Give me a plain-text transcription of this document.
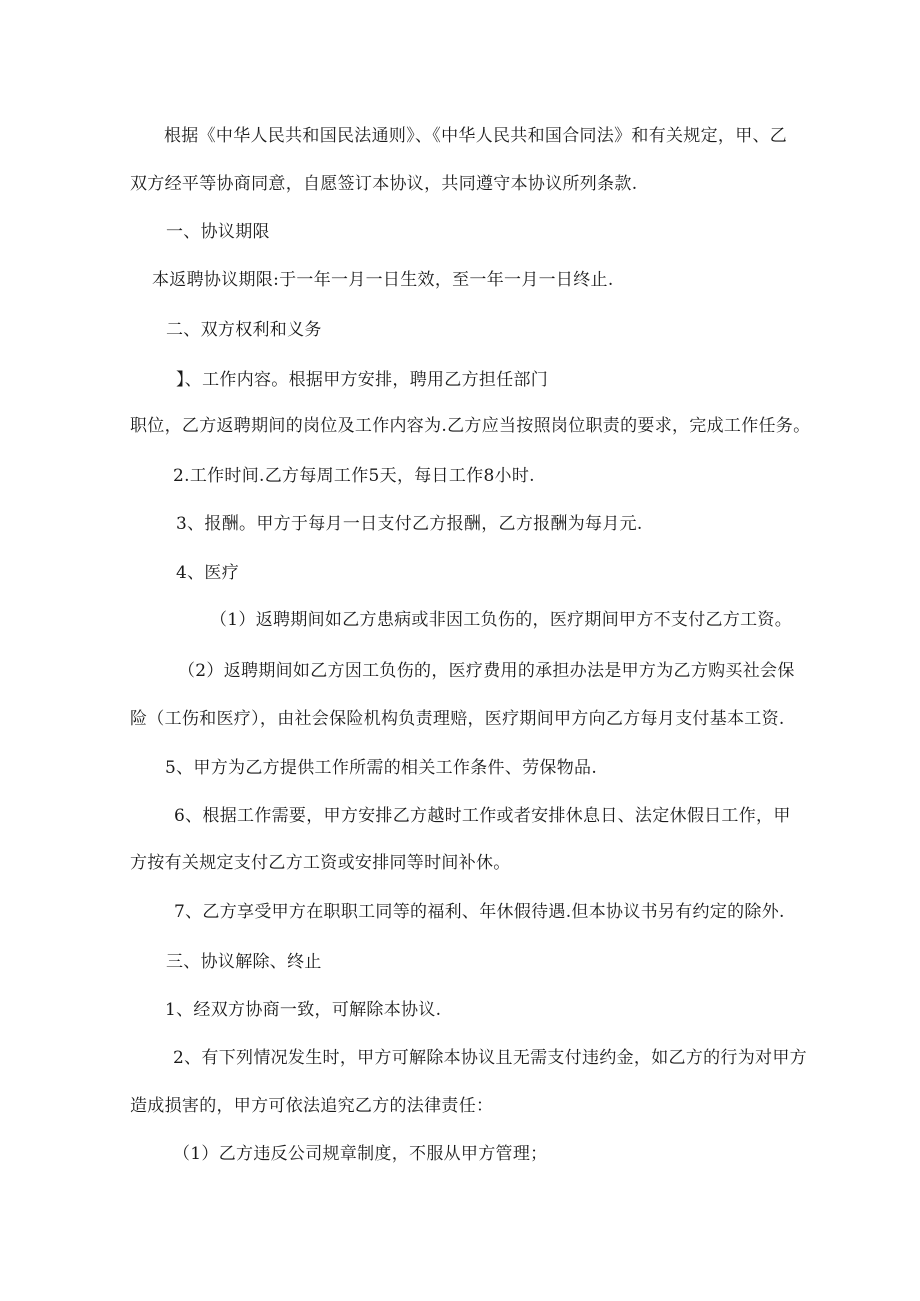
根据《中华人民共和国民法通则》、《中华人民共和国合同法》和有关规定，甲、乙
双方经平等协商同意，自愿签订本协议，共同遵守本协议所列条款.
一、协议期限
本返聘协议期限:于一年一月一日生效，至一年一月一日终止.
二、双方权利和义务
】、工作内容。根据甲方安排，聘用乙方担任部门
职位，乙方返聘期间的岗位及工作内容为.乙方应当按照岗位职责的要求，完成工作任务。
2.工作时间.乙方每周工作5天，每日工作8小时.
3、报酬。甲方于每月一日支付乙方报酬，乙方报酬为每月元.
4、医疗
（1）返聘期间如乙方患病或非因工负伤的，医疗期间甲方不支付乙方工资。
（2）返聘期间如乙方因工负伤的，医疗费用的承担办法是甲方为乙方购买社会保
险（工伤和医疗），由社会保险机构负责理赔，医疗期间甲方向乙方每月支付基本工资.
5、甲方为乙方提供工作所需的相关工作条件、劳保物品.
6、根据工作需要，甲方安排乙方越时工作或者安排休息日、法定休假日工作，甲
方按有关规定支付乙方工资或安排同等时间补休。
7、乙方享受甲方在职职工同等的福利、年休假待遇.但本协议书另有约定的除外.
三、协议解除、终止
1、经双方协商一致，可解除本协议.
2、有下列情况发生时，甲方可解除本协议且无需支付违约金，如乙方的行为对甲方
造成损害的，甲方可依法追究乙方的法律责任：
（1）乙方违反公司规章制度，不服从甲方管理；
